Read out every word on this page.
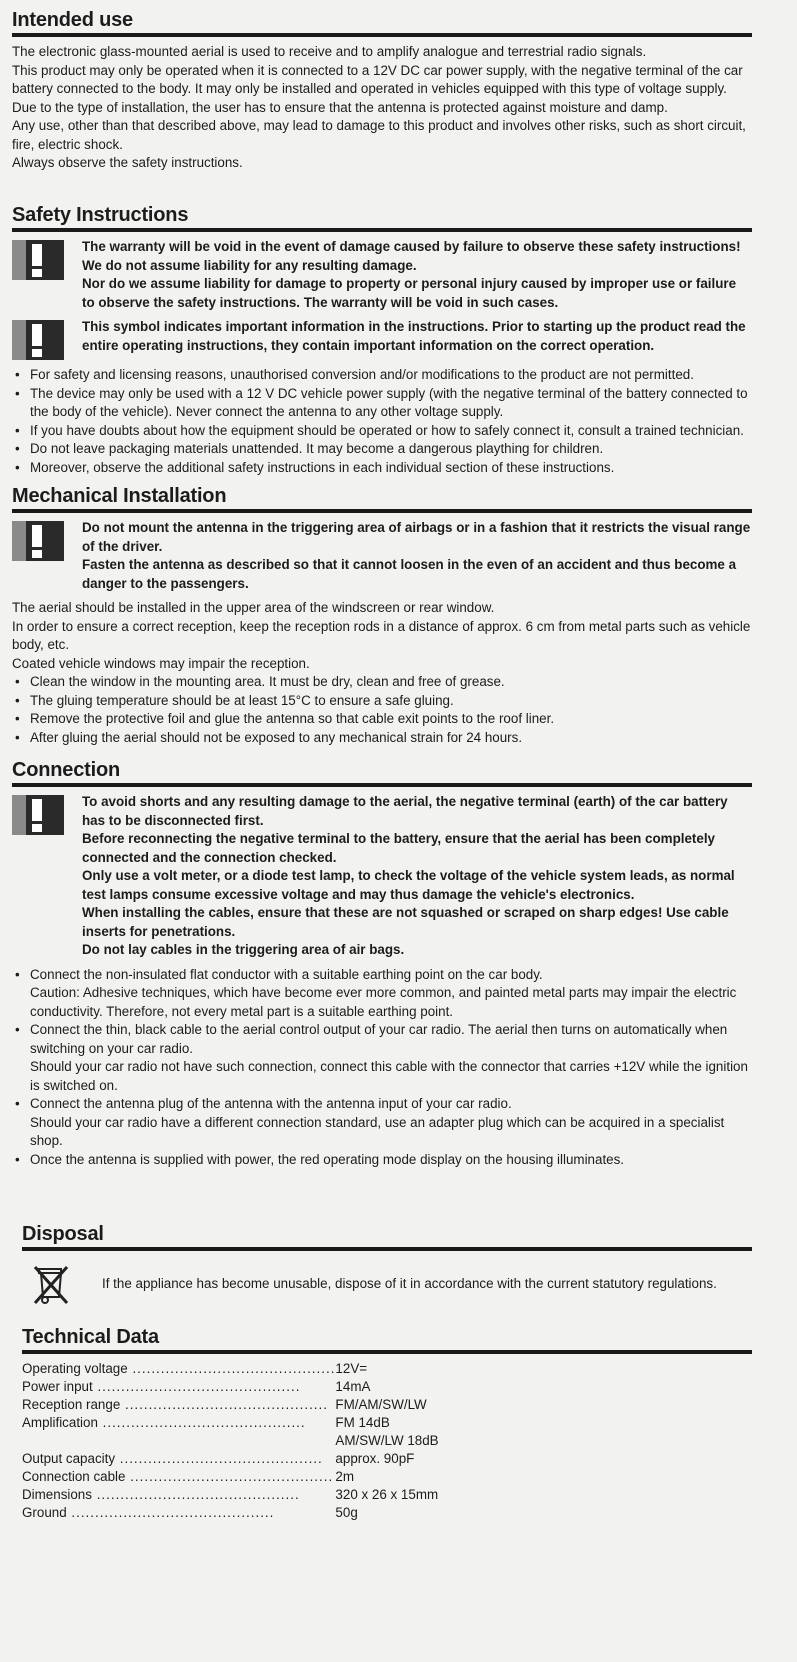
Intended use

The electronic glass-mounted aerial is used to receive and to amplify analogue and terrestrial radio signals.

This product may only be operated when it is connected to a 12V DC car power supply, with the negative terminal of the car battery connected to the body. It may only be installed and operated in vehicles equipped with this type of voltage supply.

Due to the type of installation, the user has to ensure that the antenna is protected against moisture and damp.

Any use, other than that described above, may lead to damage to this product and involves other risks, such as short circuit, fire, electric shock.

Always observe the safety instructions.

Safety Instructions

The warranty will be void in the event of damage caused by failure to observe these safety instructions! We do not assume liability for any resulting damage.

Nor do we assume liability for damage to property or personal injury caused by improper use or failure to observe the safety instructions. The warranty will be void in such cases.

This symbol indicates important information in the instructions. Prior to starting up the product read the entire operating instructions, they contain important information on the correct operation.

• For safety and licensing reasons, unauthorised conversion and/or modifications to the product are not permitted.
• The device may only be used with a 12 V DC vehicle power supply (with the negative terminal of the battery connected to the body of the vehicle). Never connect the antenna to any other voltage supply.
• If you have doubts about how the equipment should be operated or how to safely connect it, consult a trained technician.
• Do not leave packaging materials unattended. It may become a dangerous plaything for children.
• Moreover, observe the additional safety instructions in each individual section of these instructions.
Mechanical Installation

Do not mount the antenna in the triggering area of airbags or in a fashion that it restricts the visual range of the driver.

Fasten the antenna as described so that it cannot loosen in the even of an accident and thus become a danger to the passengers.

The aerial should be installed in the upper area of the windscreen or rear window.

In order to ensure a correct reception, keep the reception rods in a distance of approx. 6 cm from metal parts such as vehicle body, etc.

Coated vehicle windows may impair the reception.

• Clean the window in the mounting area. It must be dry, clean and free of grease.
• The gluing temperature should be at least 15°C to ensure a safe gluing.
• Remove the protective foil and glue the antenna so that cable exit points to the roof liner.
• After gluing the aerial should not be exposed to any mechanical strain for 24 hours.
Connection

To avoid shorts and any resulting damage to the aerial, the negative terminal (earth) of the car battery has to be disconnected first.

Before reconnecting the negative terminal to the battery, ensure that the aerial has been completely connected and the connection checked.

Only use a volt meter, or a diode test lamp, to check the voltage of the vehicle system leads, as normal test lamps consume excessive voltage and may thus damage the vehicle's electronics.

When installing the cables, ensure that these are not squashed or scraped on sharp edges! Use cable inserts for penetrations.

Do not lay cables in the triggering area of air bags.

• Connect the non-insulated flat conductor with a suitable earthing point on the car body.
Caution: Adhesive techniques, which have become ever more common, and painted metal parts may impair the electric conductivity. Therefore, not every metal part is a suitable earthing point.
• Connect the thin, black cable to the aerial control output of your car radio. The aerial then turns on automatically when switching on your car radio.
Should your car radio not have such connection, connect this cable with the connector that carries +12V while the ignition is switched on.
• Connect the antenna plug of the antenna with the antenna input of your car radio.
Should your car radio have a different connection standard, use an adapter plug which can be acquired in a specialist shop.
• Once the antenna is supplied with power, the red operating mode display on the housing illuminates.
Disposal

If the appliance has become unusable, dispose of it in accordance with the current statutory regulations.

Technical Data
Operating voltage ...........................................	12V=
Power input ...........................................	14mA
Reception range ...........................................	FM/AM/SW/LW
Amplification ...........................................	FM 14dB
AM/SW/LW 18dB
Output capacity ...........................................	approx. 90pF
Connection cable ...........................................	2m
Dimensions ...........................................	320 x 26 x 15mm
Ground ...........................................	50g
